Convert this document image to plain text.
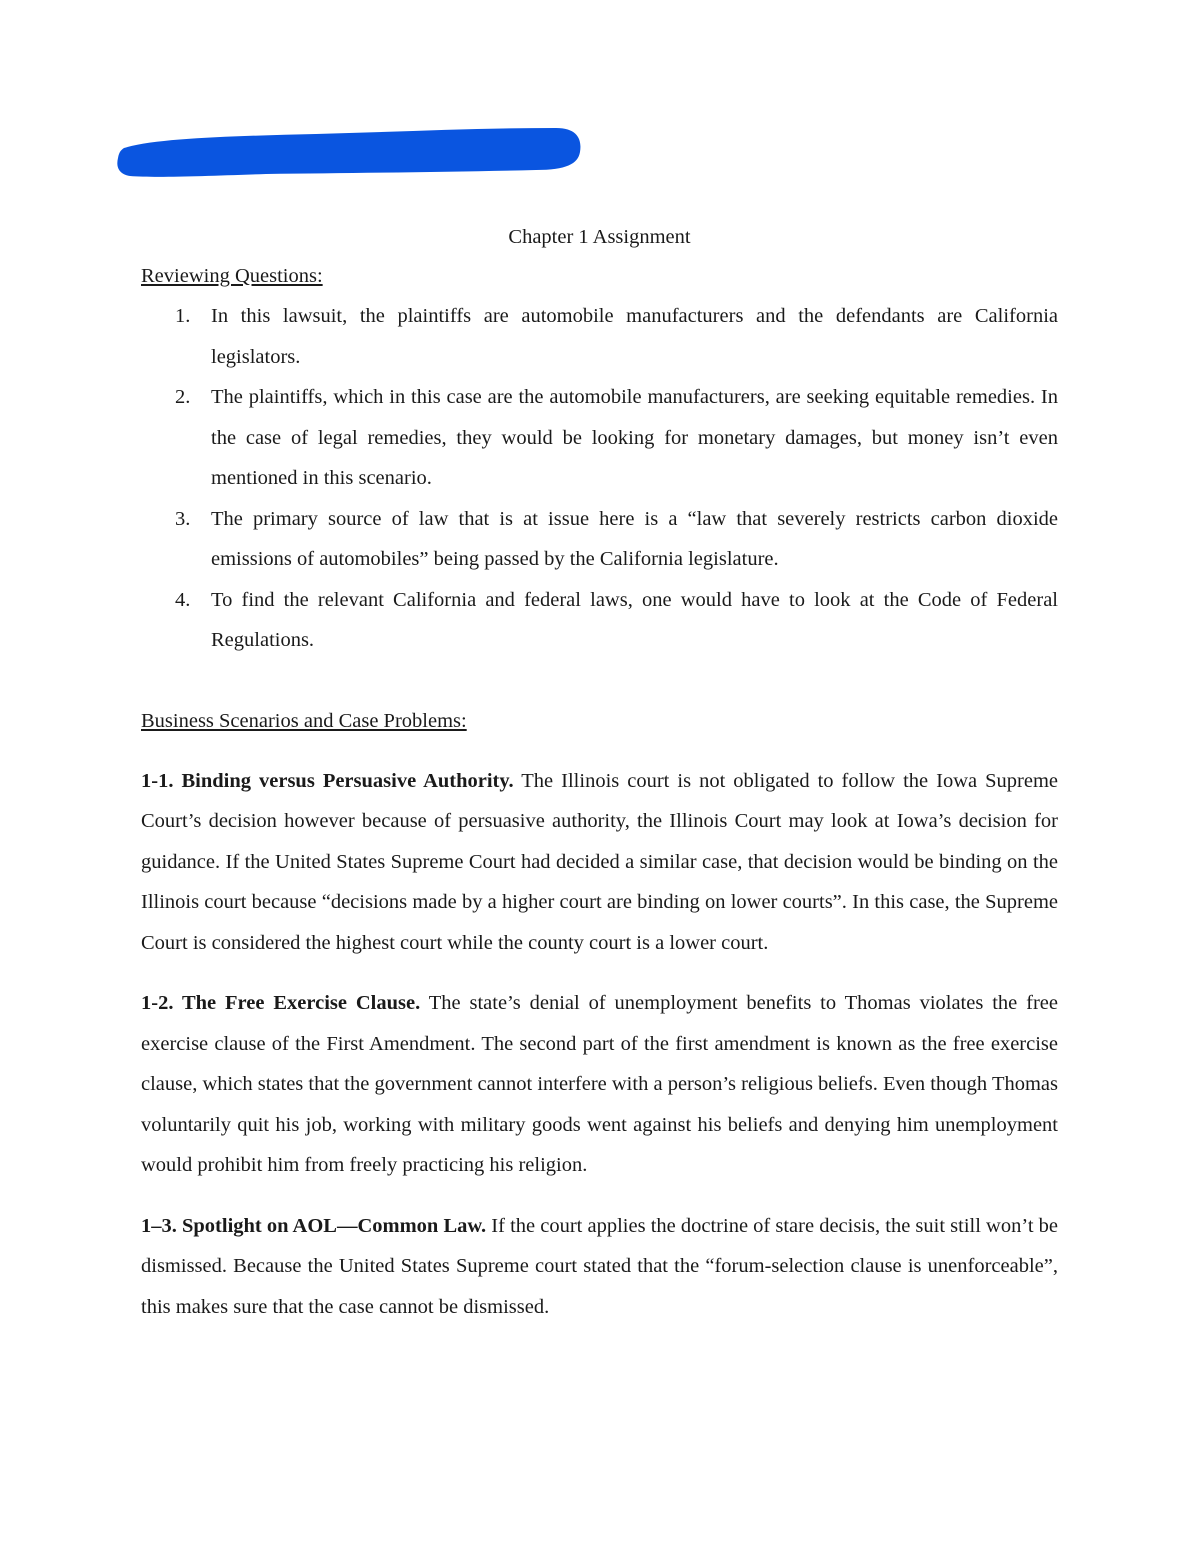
Chapter 1 Assignment

Reviewing Questions:

1. In this lawsuit, the plaintiffs are automobile manufacturers and the defendants are California legislators.
2. The plaintiffs, which in this case are the automobile manufacturers, are seeking equitable remedies. In the case of legal remedies, they would be looking for monetary damages, but money isn’t even mentioned in this scenario.
3. The primary source of law that is at issue here is a “law that severely restricts carbon dioxide emissions of automobiles” being passed by the California legislature.
4. To find the relevant California and federal laws, one would have to look at the Code of Federal Regulations.

Business Scenarios and Case Problems:

1-1. Binding versus Persuasive Authority. The Illinois court is not obligated to follow the Iowa Supreme Court’s decision however because of persuasive authority, the Illinois Court may look at Iowa’s decision for guidance. If the United States Supreme Court had decided a similar case, that decision would be binding on the Illinois court because “decisions made by a higher court are binding on lower courts”. In this case, the Supreme Court is considered the highest court while the county court is a lower court.

1-2. The Free Exercise Clause. The state’s denial of unemployment benefits to Thomas violates the free exercise clause of the First Amendment. The second part of the first amendment is known as the free exercise clause, which states that the government cannot interfere with a person’s religious beliefs. Even though Thomas voluntarily quit his job, working with military goods went against his beliefs and denying him unemployment would prohibit him from freely practicing his religion.

1–3. Spotlight on AOL—Common Law. If the court applies the doctrine of stare decisis, the suit still won’t be dismissed. Because the United States Supreme court stated that the “forum-selection clause is unenforceable”, this makes sure that the case cannot be dismissed.
